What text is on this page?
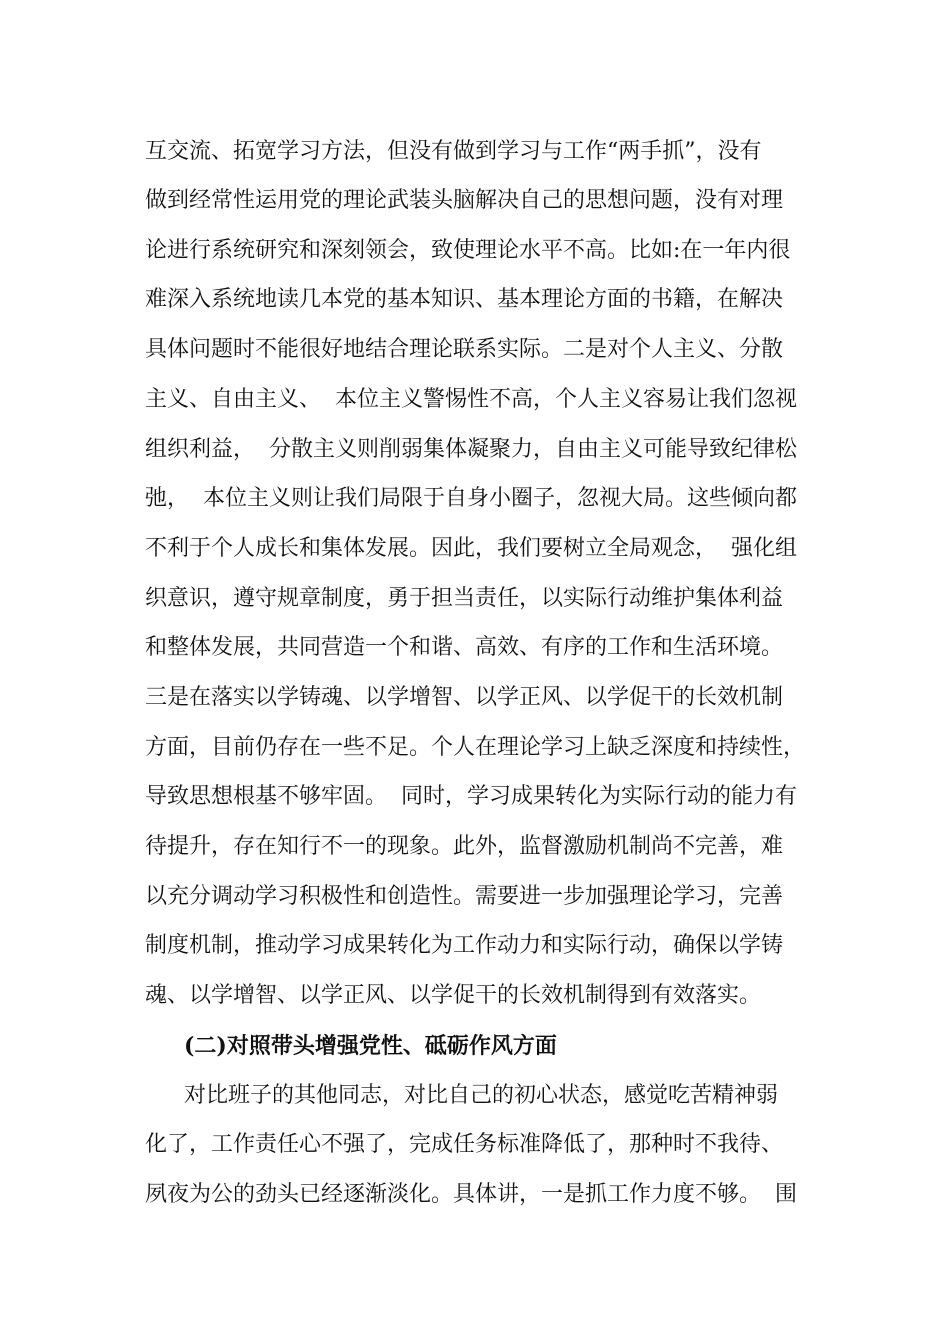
互交流、拓宽学习方法，但没有做到学习与工作“两手抓”，没有
做到经常性运用党的理论武装头脑解决自己的思想问题，没有对理
论进行系统研究和深刻领会，致使理论水平不高。比如:在一年内很
难深入系统地读几本党的基本知识、基本理论方面的书籍，在解决
具体问题时不能很好地结合理论联系实际。二是对个人主义、分散
主义、自由主义、  本位主义警惕性不高，个人主义容易让我们忽视
组织利益，  分散主义则削弱集体凝聚力，自由主义可能导致纪律松
弛，  本位主义则让我们局限于自身小圈子，忽视大局。这些倾向都
不利于个人成长和集体发展。因此，我们要树立全局观念，  强化组
织意识，遵守规章制度，勇于担当责任，以实际行动维护集体利益
和整体发展，共同营造一个和谐、高效、有序的工作和生活环境。
三是在落实以学铸魂、以学增智、以学正风、以学促干的长效机制
方面，目前仍存在一些不足。个人在理论学习上缺乏深度和持续性，
导致思想根基不够牢固。  同时，学习成果转化为实际行动的能力有
待提升，存在知行不一的现象。此外，监督激励机制尚不完善，难
以充分调动学习积极性和创造性。需要进一步加强理论学习，完善
制度机制，推动学习成果转化为工作动力和实际行动，确保以学铸
魂、以学增智、以学正风、以学促干的长效机制得到有效落实。
(二)对照带头增强党性、砥砺作风方面
对比班子的其他同志，对比自己的初心状态，感觉吃苦精神弱
化了，工作责任心不强了，完成任务标准降低了，那种时不我待、
夙夜为公的劲头已经逐渐淡化。具体讲，一是抓工作力度不够。  围
